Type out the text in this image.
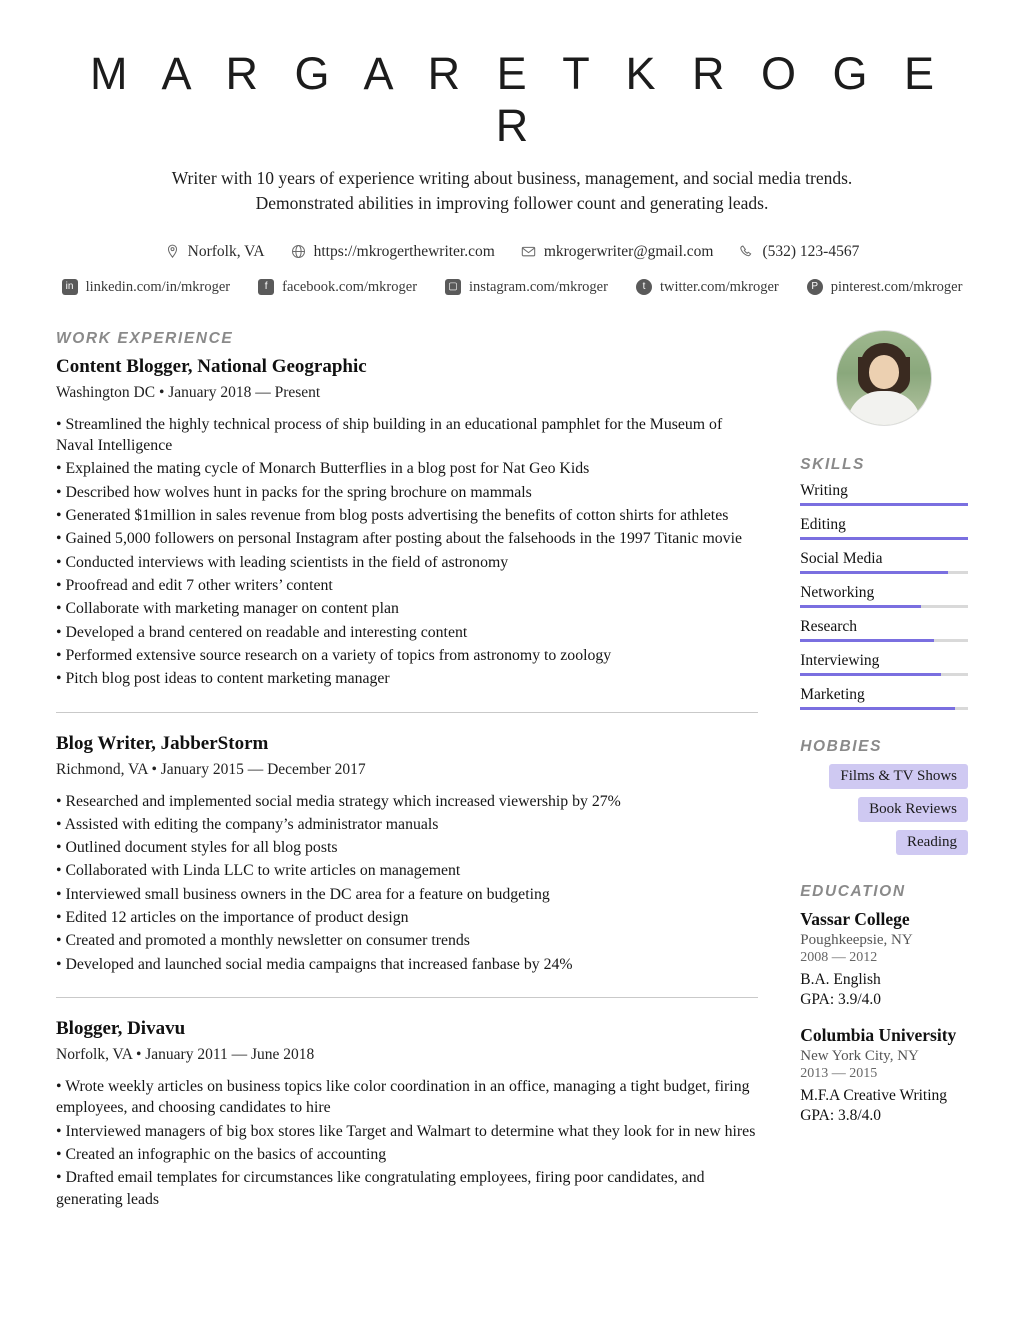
M A R G A R E T K R O G E R
Writer with 10 years of experience writing about business, management, and social media trends. Demonstrated abilities in improving follower count and generating leads.
Norfolk, VA	https://mkrogerthewriter.com	mkrogerwriter@gmail.com	(532) 123-4567
in linkedin.com/in/mkroger	f	facebook.com/mkroger	▢ instagram.com/mkroger	t	twitter.com/mkroger	P pinterest.com/mkroger
WORK EXPERIENCE
Content Blogger, National Geographic
Washington DC • January 2018 — Present
• Streamlined the highly technical process of ship building in an educational pamphlet for the Museum of Naval Intelligence
• Explained the mating cycle of Monarch Butterflies in a blog post for Nat Geo Kids
• Described how wolves hunt in packs for the spring brochure on mammals
• Generated $1million in sales revenue from blog posts advertising the benefits of cotton shirts for athletes
• Gained 5,000 followers on personal Instagram after posting about the falsehoods in the 1997 Titanic movie
• Conducted interviews with leading scientists in the field of astronomy
• Proofread and edit 7 other writers’ content
• Collaborate with marketing manager on content plan
• Developed a brand centered on readable and interesting content
• Performed extensive source research on a variety of topics from astronomy to zoology
• Pitch blog post ideas to content marketing manager
Blog Writer, JabberStorm
Richmond, VA • January 2015 — December 2017
• Researched and implemented social media strategy which increased viewership by 27%
• Assisted with editing the company’s administrator manuals
• Outlined document styles for all blog posts
• Collaborated with Linda LLC to write articles on management
• Interviewed small business owners in the DC area for a feature on budgeting
• Edited 12 articles on the importance of product design
• Created and promoted a monthly newsletter on consumer trends
• Developed and launched social media campaigns that increased fanbase by 24%
Blogger, Divavu
Norfolk, VA • January 2011 — June 2018
• Wrote weekly articles on business topics like color coordination in an office, managing a tight budget, firing employees, and choosing candidates to hire
• Interviewed managers of big box stores like Target and Walmart to determine what they look for in new hires
• Created an infographic on the basics of accounting
• Drafted email templates for circumstances like congratulating employees, firing poor candidates, and generating leads
SKILLS
Writing
Editing
Social Media
Networking
Research
Interviewing
Marketing
HOBBIES
Films & TV Shows
Book Reviews
Reading
EDUCATION
Vassar College
Poughkeepsie, NY
2008 — 2012
B.A. English
GPA: 3.9/4.0
Columbia University
New York City, NY
2013 — 2015
M.F.A Creative Writing
GPA: 3.8/4.0
